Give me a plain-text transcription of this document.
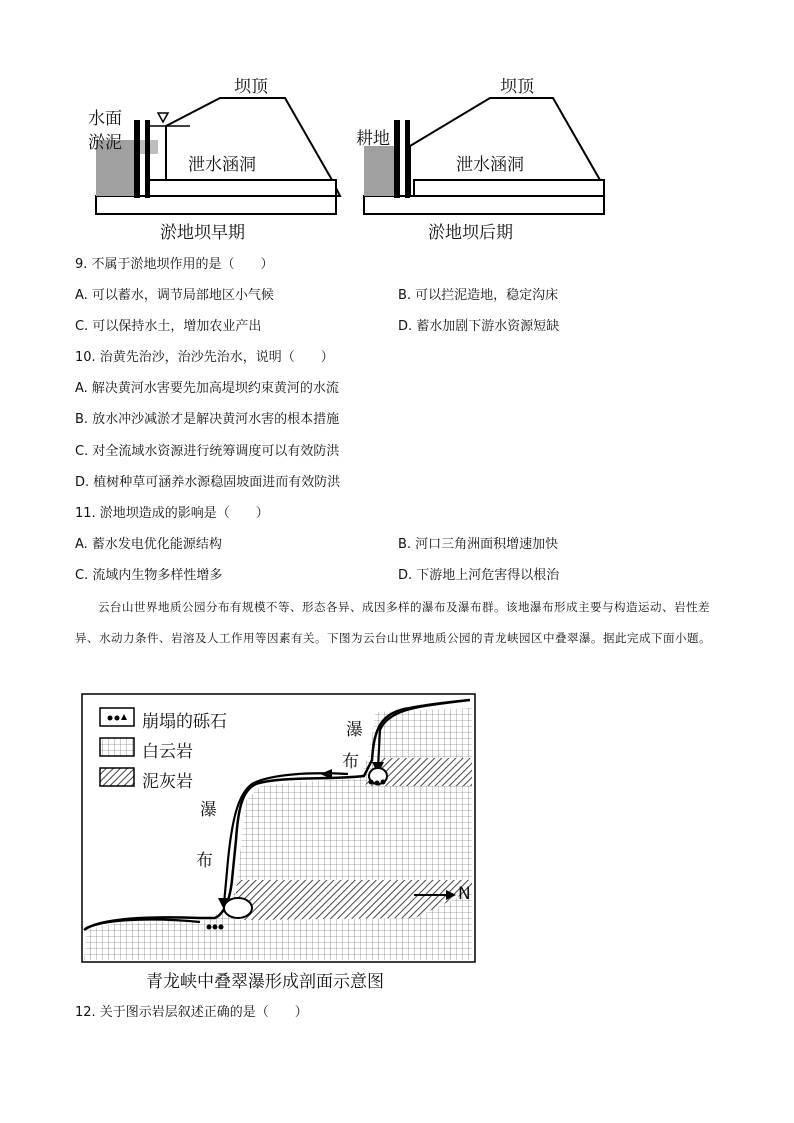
水面
淤泥
坝顶
泄水涵洞
淤地坝早期
耕地
坝顶
泄水涵洞
淤地坝后期
9. 不属于淤地坝作用的是（　　）
A. 可以蓄水，调节局部地区小气候	B. 可以拦泥造地，稳定沟床
C. 可以保持水土，增加农业产出	D. 蓄水加剧下游水资源短缺
10. 治黄先治沙，治沙先治水，说明（　　）
A. 解决黄河水害要先加高堤坝约束黄河的水流
B. 放水冲沙减淤才是解决黄河水害的根本措施
C. 对全流域水资源进行统筹调度可以有效防洪
D. 植树种草可涵养水源稳固坡面进而有效防洪
11. 淤地坝造成的影响是（　　）
A. 蓄水发电优化能源结构	B. 河口三角洲面积增速加快
C. 流域内生物多样性增多	D. 下游地上河危害得以根治
云台山世界地质公园分布有规模不等、形态各异、成因多样的瀑布及瀑布群。该地瀑布形成主要与构造运动、岩性差异、水动力条件、岩溶及人工作用等因素有关。下图为云台山世界地质公园的青龙峡园区中叠翠瀑。据此完成下面小题。
崩塌的砾石
白云岩
泥灰岩
瀑
布
瀑
布
N
青龙峡中叠翠瀑形成剖面示意图
12. 关于图示岩层叙述正确的是（　　）
